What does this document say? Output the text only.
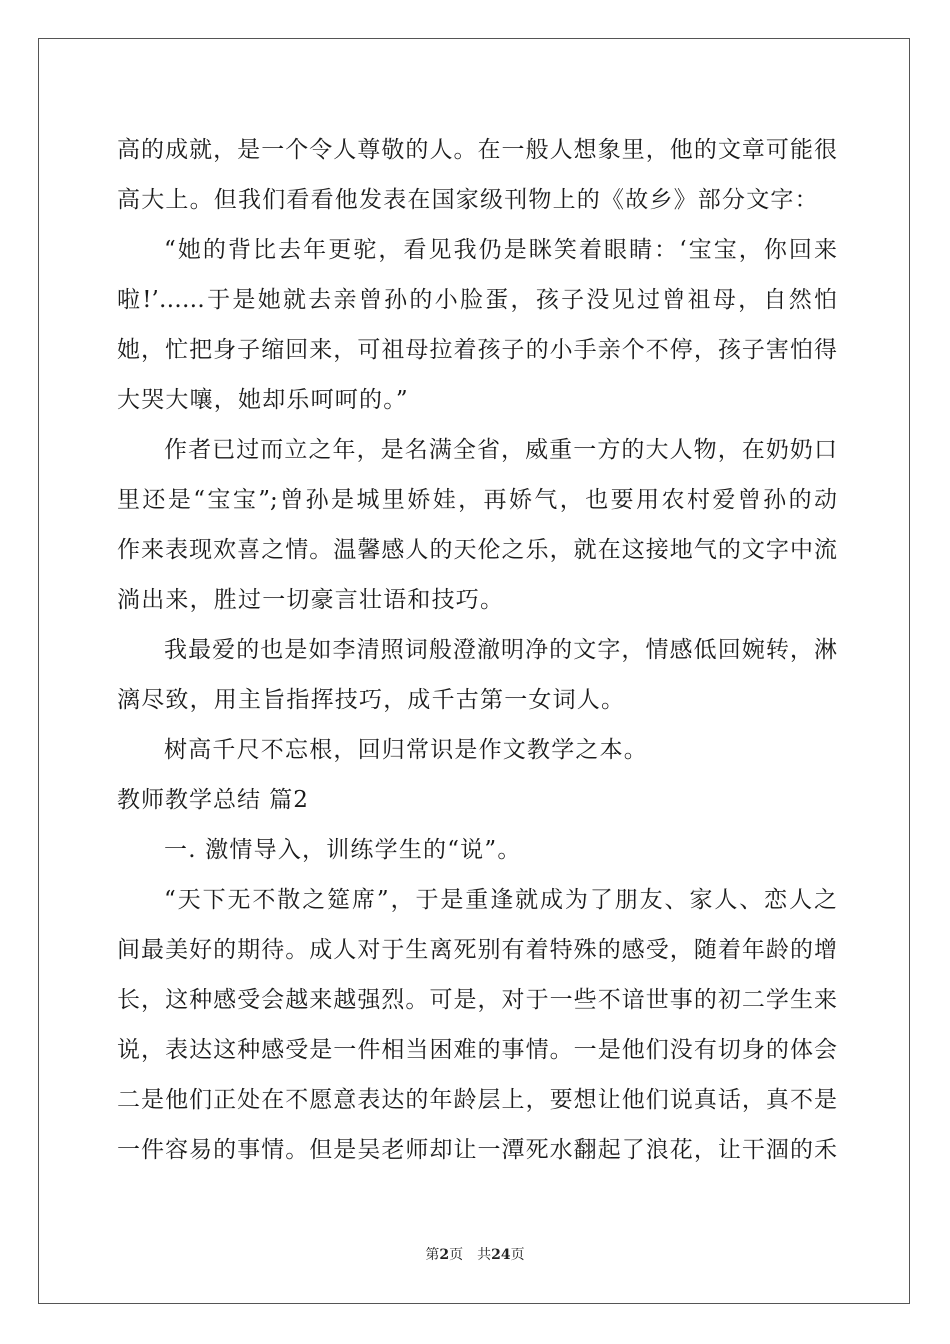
高的成就，是一个令人尊敬的人。在一般人想象里，他的文章可能很
高大上。但我们看看他发表在国家级刊物上的《故乡》部分文字：
“她的背比去年更驼，看见我仍是眯笑着眼睛：‘宝宝，你回来
啦!’……于是她就去亲曾孙的小脸蛋，孩子没见过曾祖母，自然怕
她，忙把身子缩回来，可祖母拉着孩子的小手亲个不停，孩子害怕得
大哭大嚷，她却乐呵呵的。”
作者已过而立之年，是名满全省，威重一方的大人物，在奶奶口
里还是“宝宝”;曾孙是城里娇娃，再娇气，也要用农村爱曾孙的动
作来表现欢喜之情。温馨感人的天伦之乐，就在这接地气的文字中流
淌出来，胜过一切豪言壮语和技巧。
我最爱的也是如李清照词般澄澈明净的文字，情感低回婉转，淋
漓尽致，用主旨指挥技巧，成千古第一女词人。
树高千尺不忘根，回归常识是作文教学之本。
教师教学总结 篇2
一. 激情导入，训练学生的“说”。
“天下无不散之筵席”，于是重逢就成为了朋友、家人、恋人之
间最美好的期待。成人对于生离死别有着特殊的感受，随着年龄的增
长，这种感受会越来越强烈。可是，对于一些不谙世事的初二学生来
说，表达这种感受是一件相当困难的事情。一是他们没有切身的体会
二是他们正处在不愿意表达的年龄层上，要想让他们说真话，真不是
一件容易的事情。但是吴老师却让一潭死水翻起了浪花，让干涸的禾
第2页 共24页
